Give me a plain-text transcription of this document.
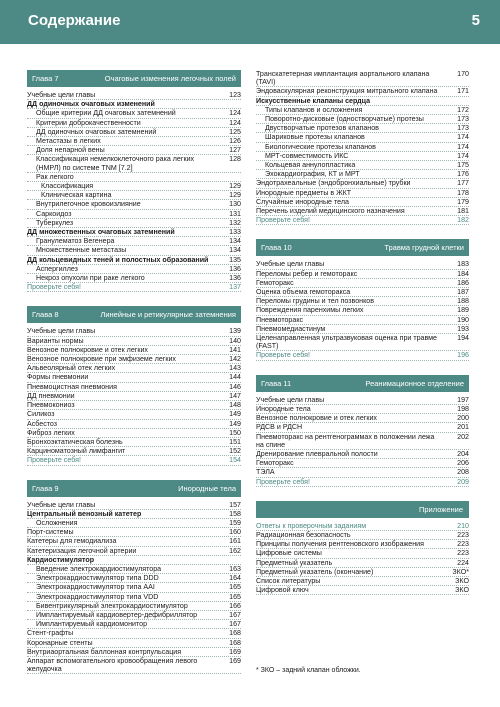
Содержание	5
Глава 7	Очаговые изменения легочных полей
Учебные цели главы	123
ДД одиночных очаговых изменений
Общие критерии ДД очаговых затемнений	124
Критерии доброкачественности	124
ДД одиночных очаговых затемнений	125
Метастазы в легких	126
Доля непарной вены	127
Классификация немелкоклеточного рака легких (НМРЛ) по системе TNM [7.2]
128
Рак легкого
Классификация	129
Клиническая картина	129
Внутрилегочное кровоизлияние	130
Саркоидоз	131
Туберкулез	132
ДД множественных очаговых затемнений	133
Гранулематоз Вегенера	134
Множественные метастазы	134
ДД кольцевидных теней и полостных образований	135
Аспергиллез	136
Некроз опухоли при раке легкого	136
Проверьте себя!	137
Глава 8	Линейные и ретикулярные затемнения
Учебные цели главы	139
Варианты нормы	140
Венозное полнокровие и отек легких	141
Венозное полнокровие при эмфиземе легких	142
Альвеолярный отек легких	143
Формы пневмонии	144
Пневмоцистная пневмония	146
ДД пневмонии	147
Пневмокониоз	148
Силикоз	149
Асбестоз	149
Фиброз легких	150
Бронхоэктатическая болезнь	151
Карциноматозный лимфангит	152
Проверьте себя!	154
Глава 9	Инородные тела
Учебные цели главы	157
Центральный венозный катетер	158
Осложнения	159
Порт-системы	160
Катетеры для гемодиализа	161
Катетеризация легочной артерии	162
Кардиостимулятор
Введение электрокардиостимулятора	163
Электрокардиостимулятор типа DDD	164
Электрокардиостимулятор типа AAI	165
Электрокардиостимулятор типа VDD	165
Бивентрикулярный электрокардиостимулятор	166
Имплантируемый кардиовертер-дефибриллятор	167
Имплантируемый кардиомонитор	167
Стент-графты	168
Коронарные стенты	168
Внутриаортальная баллонная контрпульсация	169
Аппарат вспомогательного кровообращения левого желудочка
169
Транскатетерная имплантация аортального клапана (TAVI)
170
Эндоваскулярная реконструкция митрального клапана	171
Искусственные клапаны сердца
Типы клапанов и осложнения	172
Поворотно-дисковые (одностворчатые) протезы	173
Двустворчатые протезов клапанов	173
Шариковые протезы клапанов	174
Биологические протезы клапанов	174
МРТ-совместимость ИКС	174
Кольцевая аннулопластика	175
Эхокардиография, КТ и МРТ	176
Эндотрахеальные (эндобронхиальные) трубки	177
Инородные предметы в ЖКТ	178
Случайные инородные тела	179
Перечень изделий медицинского назначения	181
Проверьте себя!	182
Глава 10	Травма грудной клетки
Учебные цели главы	183
Переломы ребер и гемоторакс	184
Гемоторакс	186
Оценка объема гемоторакса	187
Переломы грудины и тел позвонков	188
Повреждения паренхимы легких	189
Пневмоторакс	190
Пневмомедиастинум	193
Целенаправленная ультразвуковая оценка при травме (FAST)
194
Проверьте себя!	196
Глава 11	Реанимационное отделение
Учебные цели главы	197
Инородные тела	198
Венозное полнокровие и отек легких	200
РДСВ и РДСН	201
Пневмоторакс на рентгенограммах в положении лежа на спине
202
Дренирование плевральной полости	204
Гемоторакс	206
ТЭЛА	208
Проверьте себя!	209
Приложение
Ответы к проверочным заданиям	210
Радиационная безопасность	223
Принципы получения рентгеновского изображения	223
Цифровые системы	223
Предметный указатель	224
Предметный указатель (окончание)	ЗКО*
Список литературы	ЗКО
Цифровой ключ	ЗКО
* ЗКО – задний клапан обложки.
